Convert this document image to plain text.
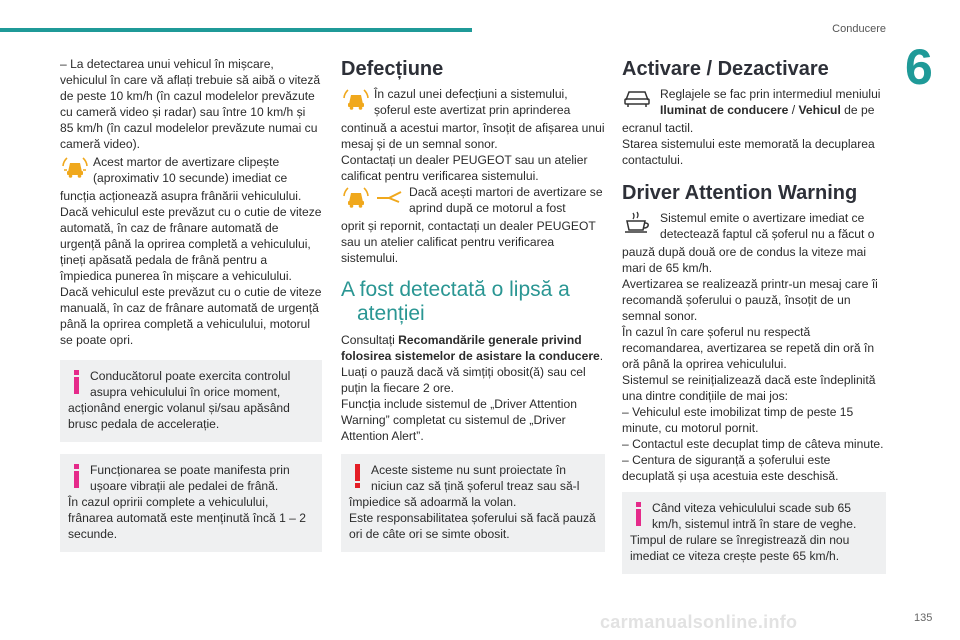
Conducere
6
carmanualsonline.info	135

– La detectarea unui vehicul în mișcare, vehiculul în care vă aflați trebuie să aibă o viteză de peste 10 km/h (în cazul modelelor prevăzute cu cameră video și radar) sau între 10 km/h și 85 km/h (în cazul modelelor prevăzute numai cu cameră video).

Acest martor de avertizare clipește (aproximativ 10 secunde) imediat ce

funcția acționează asupra frânării vehiculului.

Dacă vehiculul este prevăzut cu o cutie de viteze automată, în caz de frânare automată de urgență până la oprirea completă a vehiculului, țineți apăsată pedala de frână pentru a împiedica punerea în mișcare a vehiculului.

Dacă vehiculul este prevăzut cu o cutie de viteze manuală, în caz de frânare automată de urgență până la oprirea completă a vehiculului, motorul se poate opri.

Conducătorul poate exercita controlul asupra vehiculului în orice moment,

acționând energic volanul și/sau apăsând brusc pedala de accelerație.

Funcționarea se poate manifesta prin ușoare vibrații ale pedalei de frână.

În cazul opririi complete a vehiculului, frânarea automată este menținută încă 1 – 2 secunde.

Defecțiune

În cazul unei defecțiuni a sistemului, șoferul este avertizat prin aprinderea

continuă a acestui martor, însoțit de afișarea unui mesaj și de un semnal sonor.

Contactați un dealer PEUGEOT sau un atelier calificat pentru verificarea sistemului.

Dacă acești martori de avertizare se aprind după ce motorul a fost

oprit și repornit, contactați un dealer PEUGEOT sau un atelier calificat pentru verificarea sistemului.

A fost detectată o lipsă a
atenției

Consultați Recomandările generale privind folosirea sistemelor de asistare la conducere.

Luați o pauză dacă vă simțiți obosit(ă) sau cel puțin la fiecare 2 ore.

Funcția include sistemul de „Driver Attention Warning” completat cu sistemul de „Driver Attention Alert”.

Aceste sisteme nu sunt proiectate în niciun caz să țină șoferul treaz sau să-l

împiedice să adoarmă la volan.

Este responsabilitatea șoferului să facă pauză ori de câte ori se simte obosit.

Activare / Dezactivare

Reglajele se fac prin intermediul meniului Iluminat de conducere / Vehicul de pe

ecranul tactil.

Starea sistemului este memorată la decuplarea contactului.

Driver Attention Warning

Sistemul emite o avertizare imediat ce detectează faptul că șoferul nu a făcut o

pauză după două ore de condus la viteze mai mari de 65 km/h.

Avertizarea se realizează printr-un mesaj care îi recomandă șoferului o pauză, însoțit de un semnal sonor.

În cazul în care șoferul nu respectă recomandarea, avertizarea se repetă din oră în oră până la oprirea vehiculului.

Sistemul se reinițializează dacă este îndeplinită una dintre condițiile de mai jos:

– Vehiculul este imobilizat timp de peste 15 minute, cu motorul pornit.

– Contactul este decuplat timp de câteva minute.

– Centura de siguranță a șoferului este decuplată și ușa acestuia este deschisă.

Când viteza vehiculului scade sub 65 km/h, sistemul intră în stare de veghe.

Timpul de rulare se înregistrează din nou imediat ce viteza crește peste 65 km/h.
